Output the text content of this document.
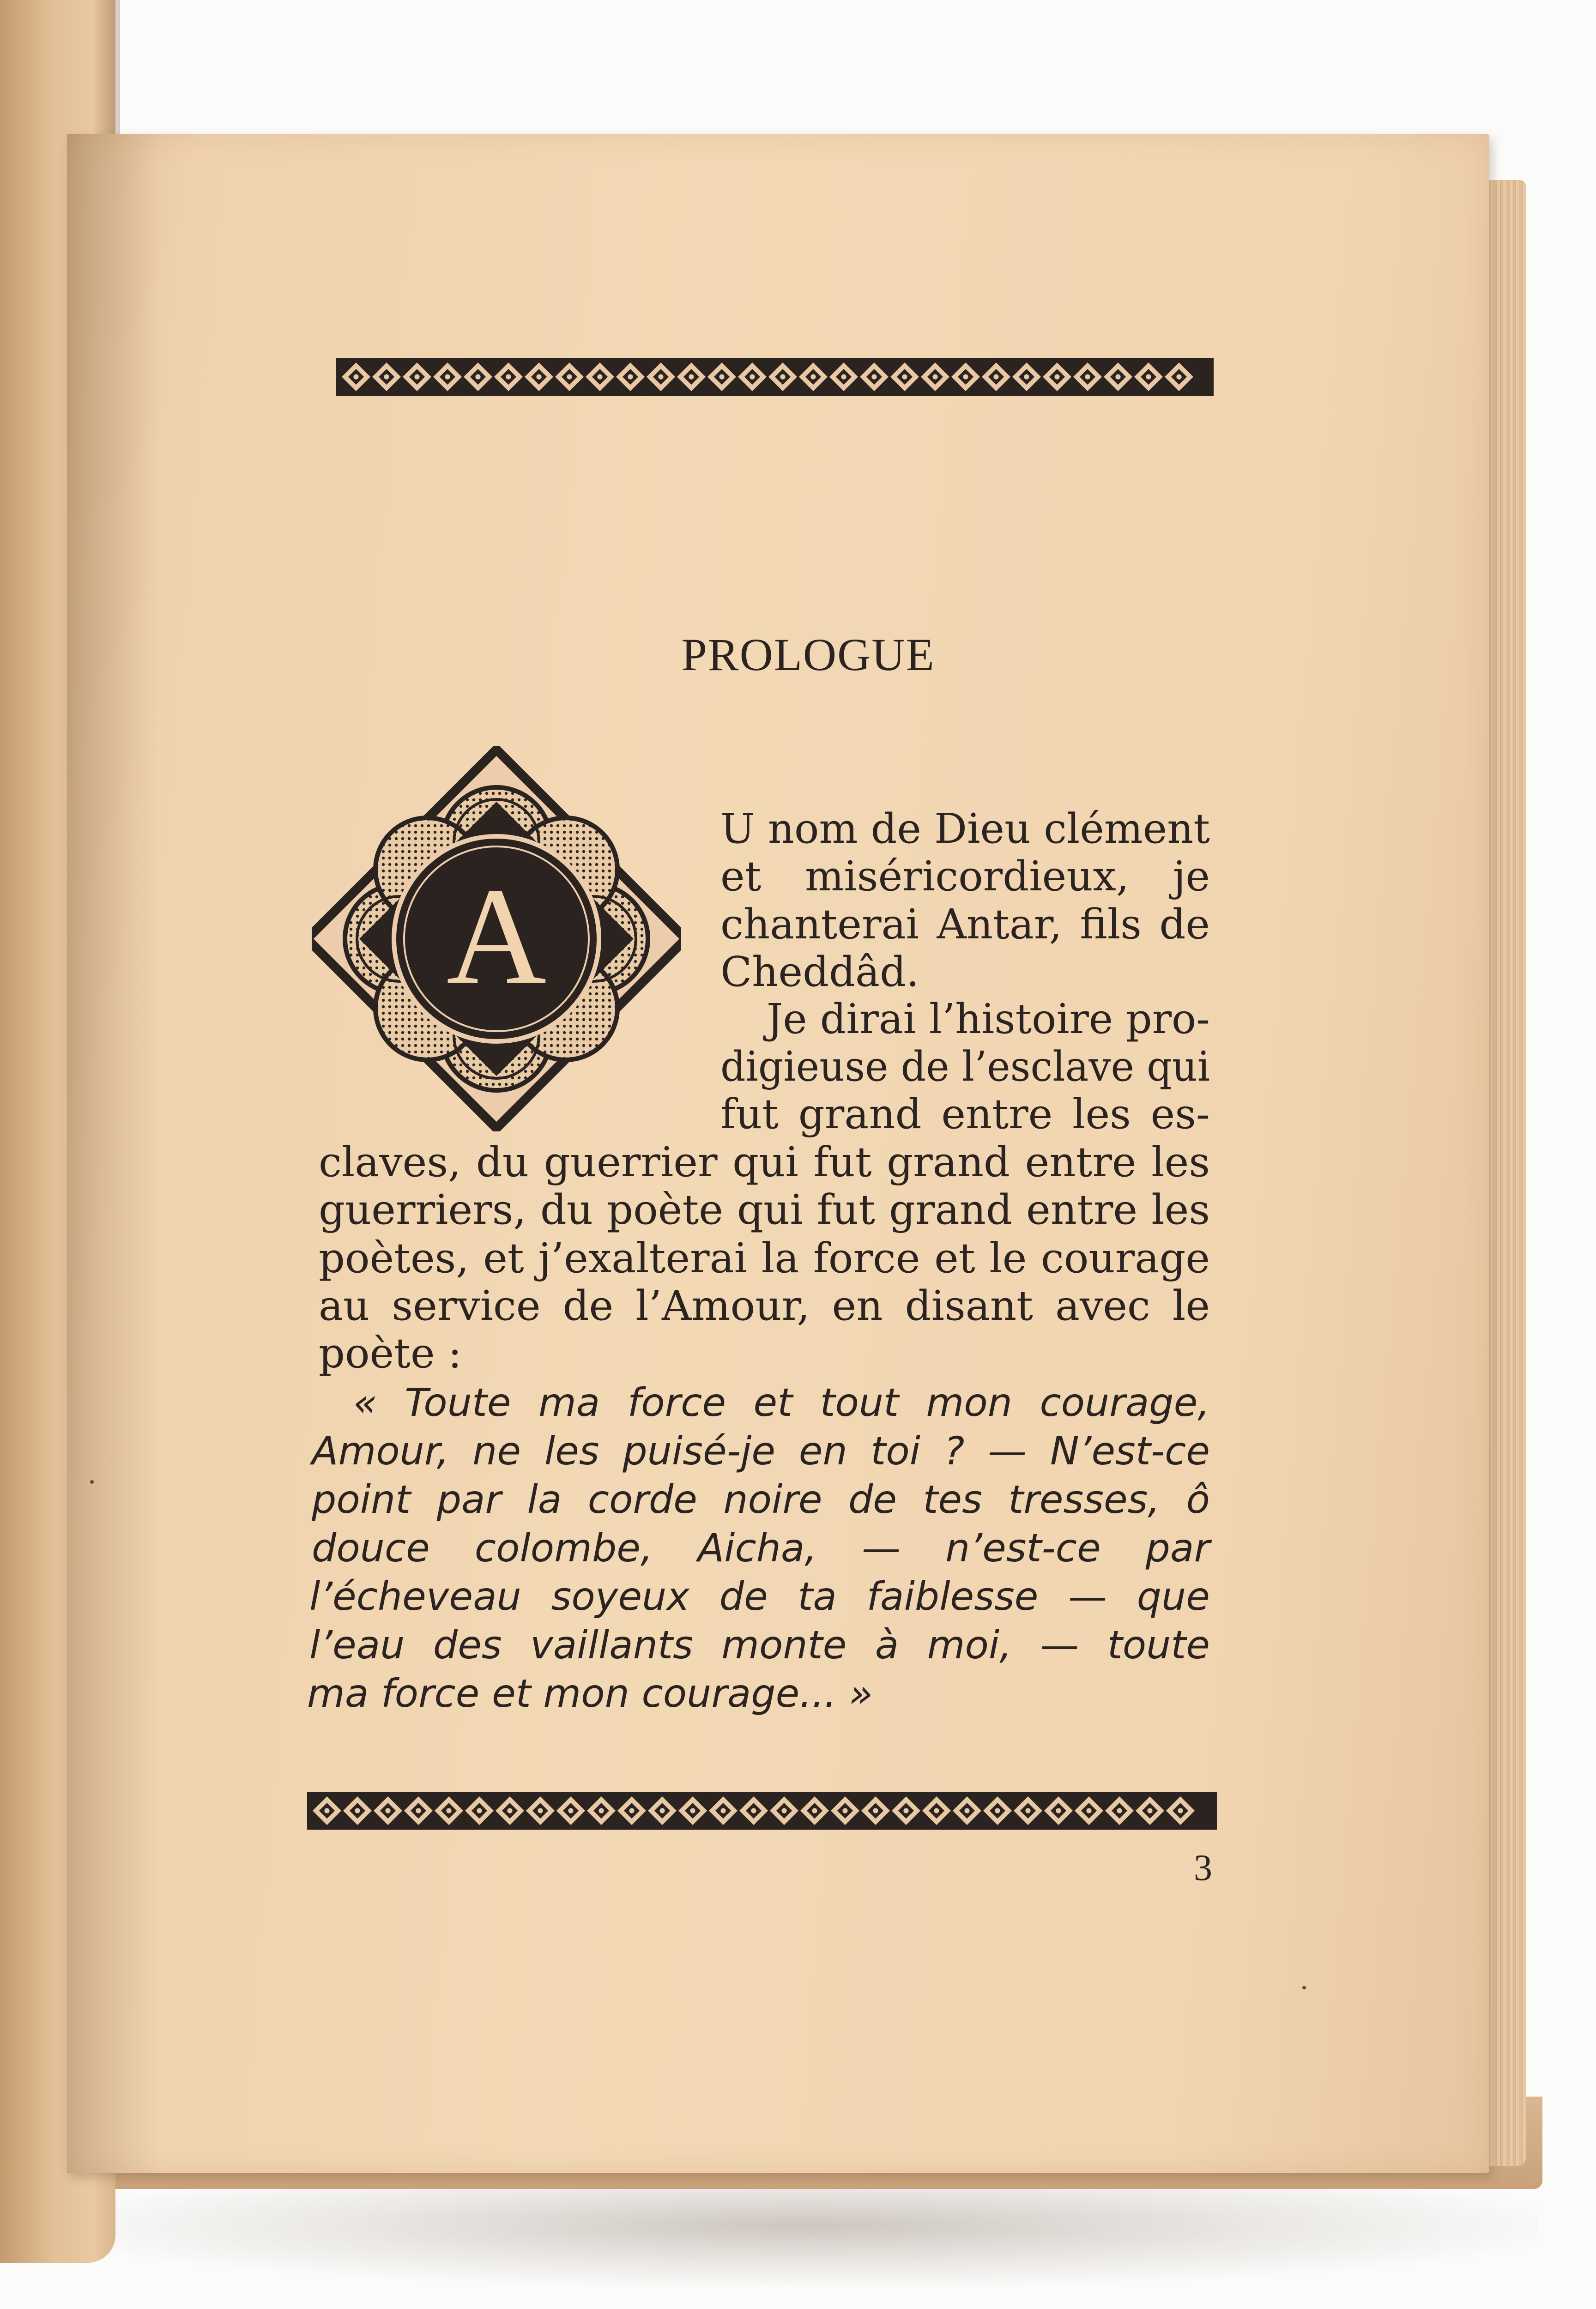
PROLOGUE
A
U nom de Dieu clément
et miséricordieux, je
chanterai Antar, fils de
Cheddâd.
Je dirai l’histoire pro-
digieuse de l’esclave qui
fut grand entre les es-
claves, du guerrier qui fut grand entre les
guerriers, du poète qui fut grand entre les
poètes, et j’exalterai la force et le courage
au service de l’Amour, en disant avec le
poète :
« Toute ma force et tout mon courage,
Amour, ne les puisé-je en toi ? — N’est-ce
point par la corde noire de tes tresses, ô
douce colombe, Aicha, — n’est-ce par
l’écheveau soyeux de ta faiblesse — que
l’eau des vaillants monte à moi, — toute
ma force et mon courage... »
3
